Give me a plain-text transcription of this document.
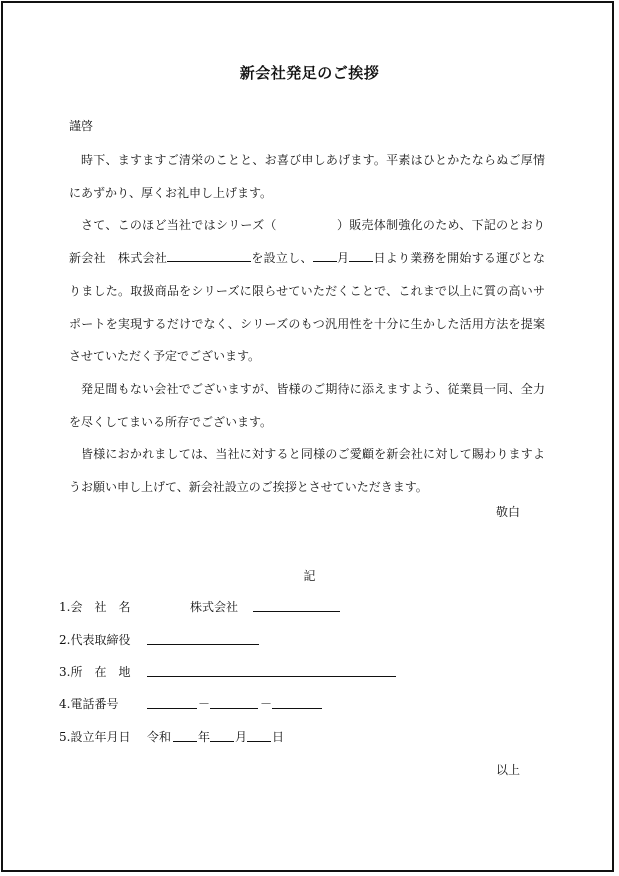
新会社発足のご挨拶
謹啓

時下、ますますご清栄のことと、お喜び申しあげます。平素はひとかたならぬご厚情にあずかり、厚くお礼申し上げます。

さて、このほど当社ではシリーズ（	）販売体制強化のため、下記のとおり新会社　株式会社	を設立し、 月 日より業務を開始する運びとなりました。取扱商品をシリーズに限らせていただくことで、これまで以上に質の高いサポートを実現するだけでなく、シリーズのもつ汎用性を十分に生かした活用方法を提案させていただく予定でございます。

発足間もない会社でございますが、皆様のご期待に添えますよう、従業員一同、全力を尽くしてまいる所存でございます。

皆様におかれましては、当社に対すると同様のご愛顧を新会社に対して賜わりますようお願い申し上げて、新会社設立のご挨拶とさせていただきます。

敬白
記
1.会　社　名	株式会社
2.代表取締役
3.所　在　地
4.電話番号	－	－
5.設立年月日	令和 年 月 日
以上
